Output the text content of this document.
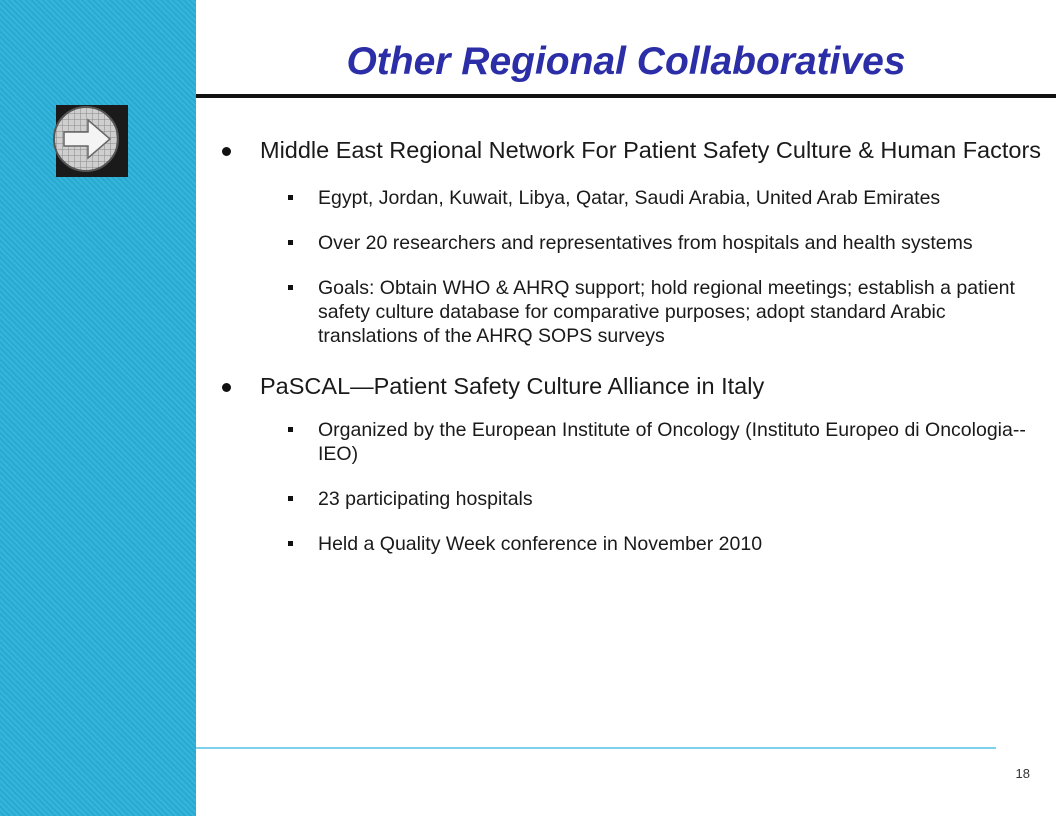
Other Regional Collaboratives
Middle East Regional Network For Patient Safety Culture & Human Factors
Egypt, Jordan, Kuwait, Libya, Qatar, Saudi Arabia, United Arab Emirates
Over 20 researchers and representatives from hospitals and health systems
Goals: Obtain WHO & AHRQ support; hold regional meetings; establish a patient safety culture database for comparative purposes; adopt standard Arabic translations of the AHRQ SOPS surveys
PaSCAL—Patient Safety Culture Alliance in Italy
Organized by the European Institute of Oncology (Instituto Europeo di Oncologia--IEO)
23 participating hospitals
Held a Quality Week conference in November 2010
18
